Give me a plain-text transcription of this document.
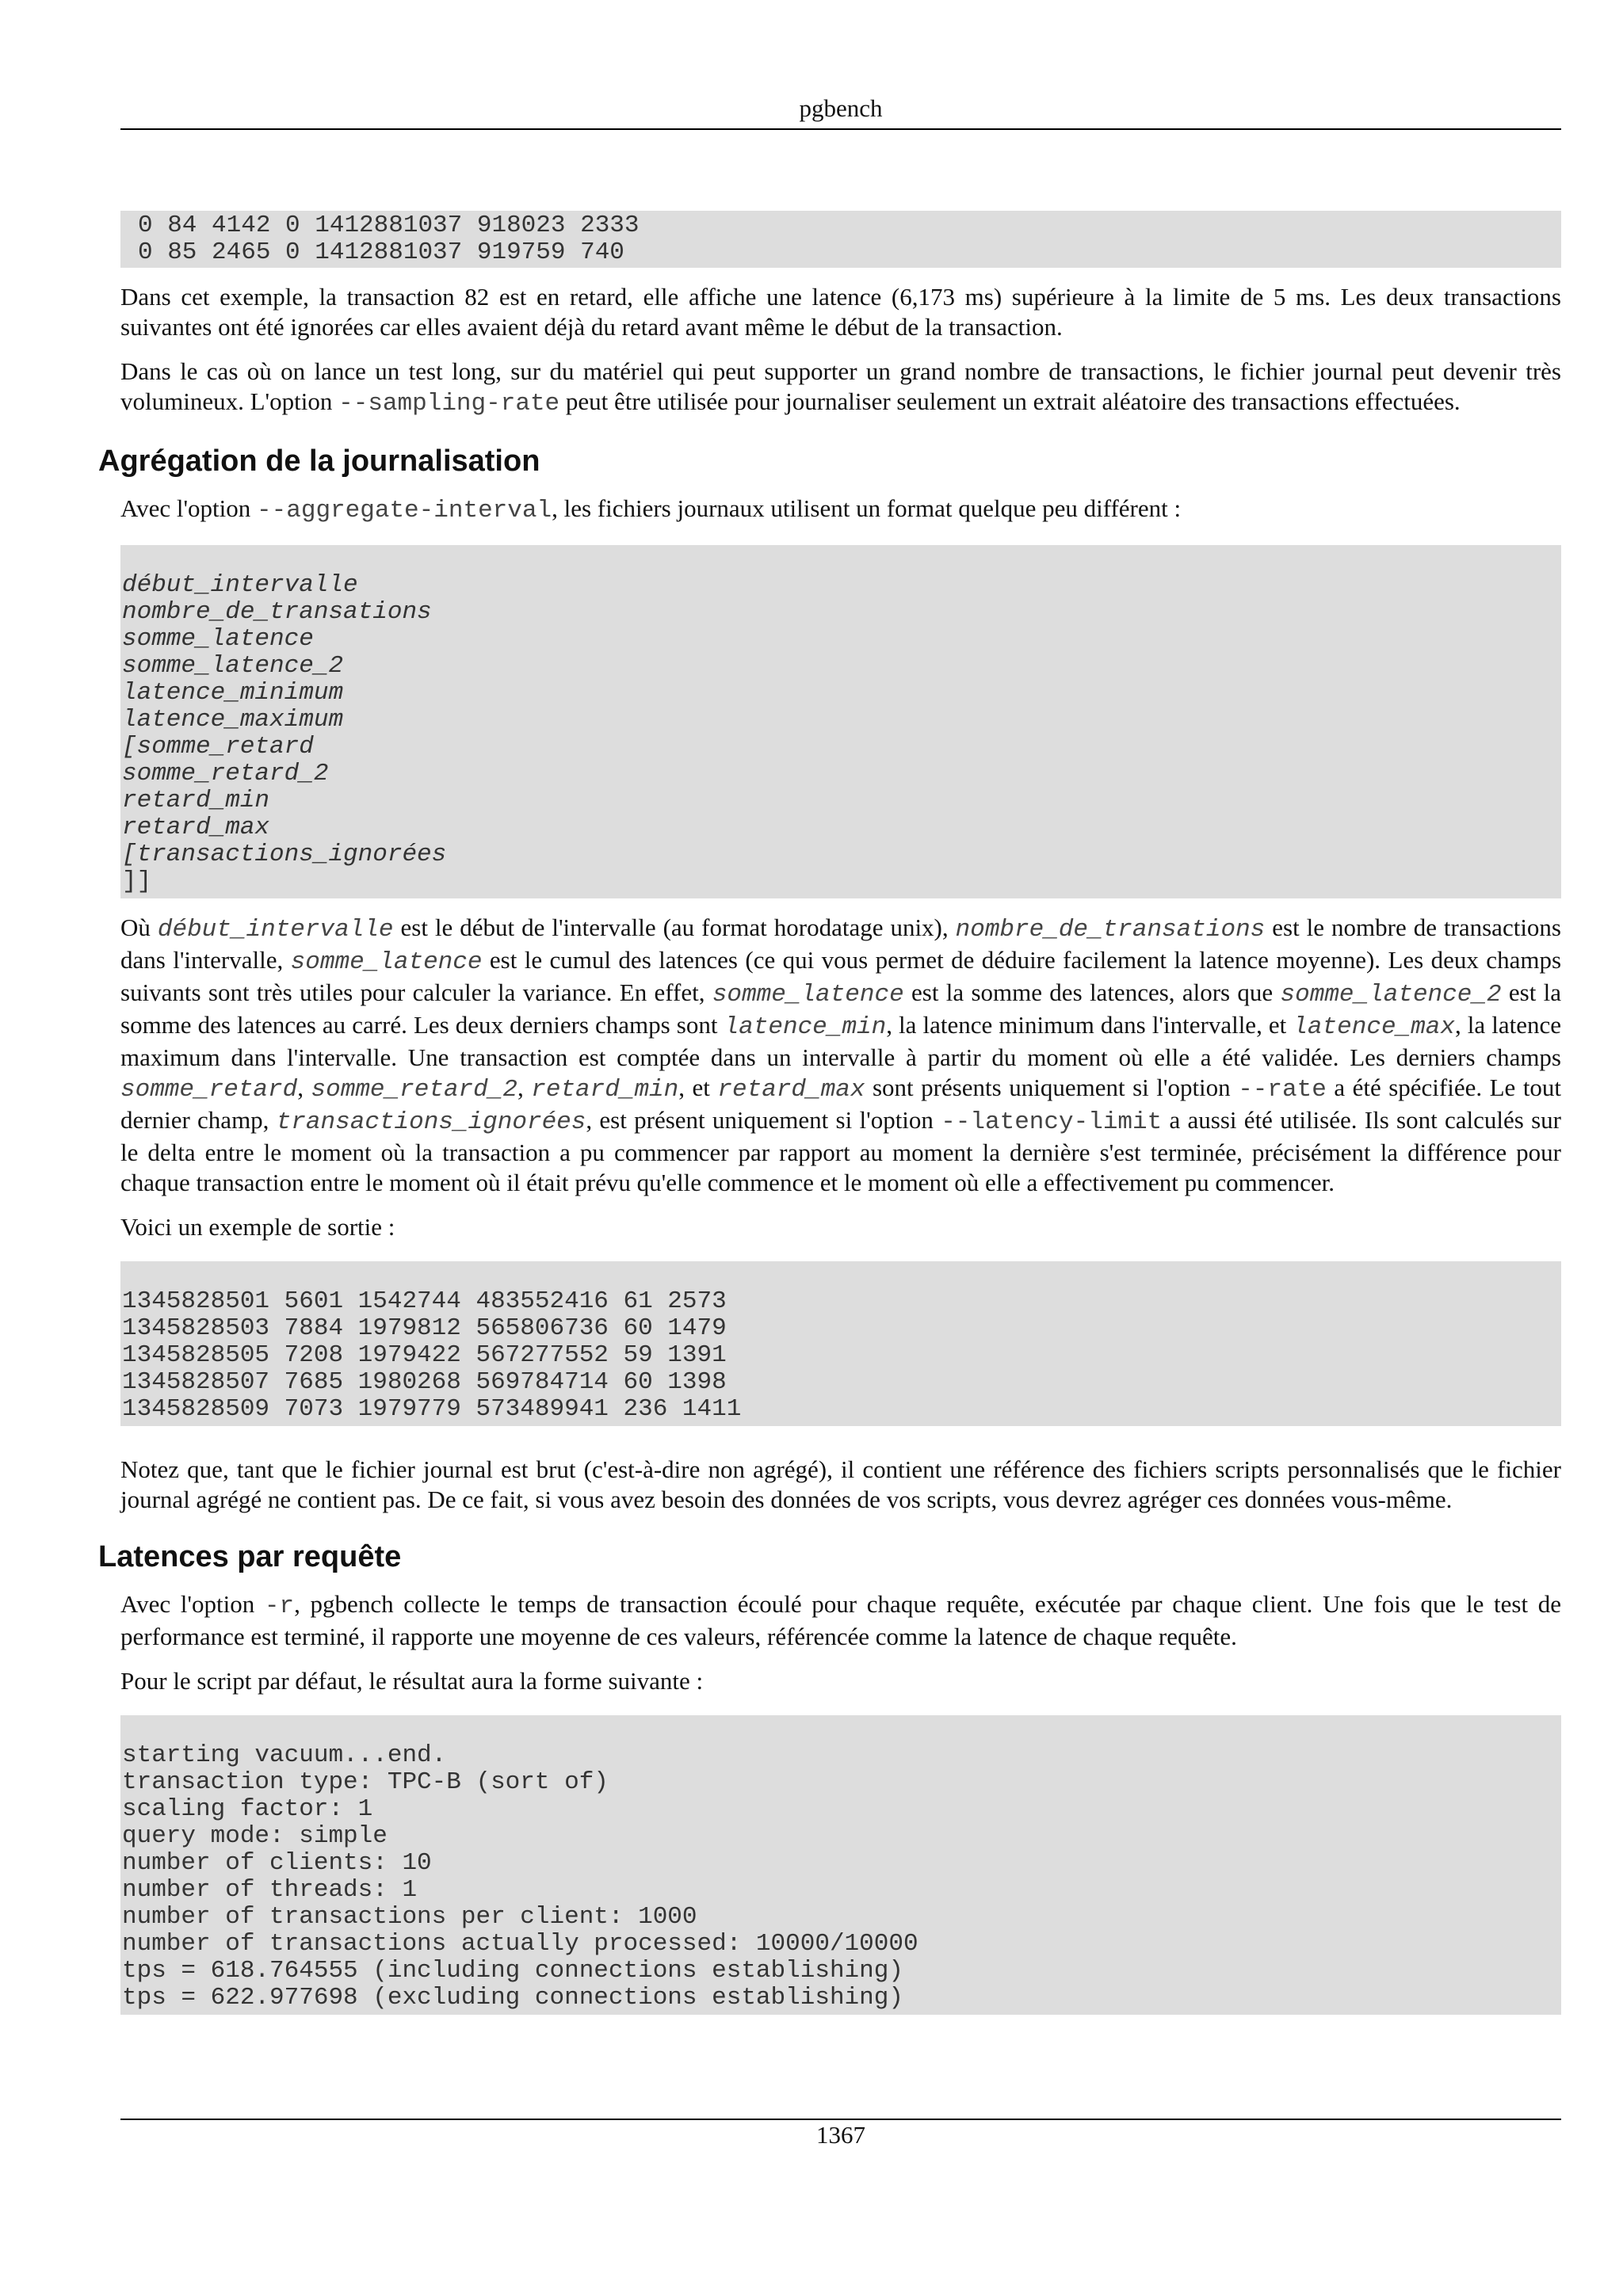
pgbench
0 84 4142 0 1412881037 918023 2333
0 85 2465 0 1412881037 919759 740

Dans cet exemple, la transaction 82 est en retard, elle affiche une latence (6,173 ms) supérieure à la limite de 5 ms. Les deux transactions suivantes ont été ignorées car elles avaient déjà du retard avant même le début de la transaction.

Dans le cas où on lance un test long, sur du matériel qui peut supporter un grand nombre de transactions, le fichier journal peut devenir très volumineux. L'option --sampling-rate peut être utilisée pour journaliser seulement un extrait aléatoire des transactions effectuées.

Agrégation de la journalisation

Avec l'option --aggregate-interval, les fichiers journaux utilisent un format quelque peu différent :

début_intervalle
nombre_de_transations
somme_latence
somme_latence_2
latence_minimum
latence_maximum
[somme_retard
somme_retard_2
retard_min
retard_max
[transactions_ignorées
]]

Où début_intervalle est le début de l'intervalle (au format horodatage unix), nombre_de_transations est le nombre de transactions dans l'intervalle, somme_latence est le cumul des latences (ce qui vous permet de déduire facilement la latence moyenne). Les deux champs suivants sont très utiles pour calculer la variance. En effet, somme_latence est la somme des latences, alors que somme_latence_2 est la somme des latences au carré. Les deux derniers champs sont latence_min, la latence minimum dans l'intervalle, et latence_max, la latence maximum dans l'intervalle. Une transaction est comptée dans un intervalle à partir du moment où elle a été validée. Les derniers champs somme_retard, somme_retard_2, retard_min, et retard_max sont présents uniquement si l'option --rate a été spécifiée. Le tout dernier champ, transactions_ignorées, est présent uniquement si l'option --latency-limit a aussi été utilisée. Ils sont calculés sur le delta entre le moment où la transaction a pu commencer par rapport au moment la dernière s'est terminée, précisément la différence pour chaque transaction entre le moment où il était prévu qu'elle commence et le moment où elle a effectivement pu commencer.

Voici un exemple de sortie :

1345828501 5601 1542744 483552416 61 2573
1345828503 7884 1979812 565806736 60 1479
1345828505 7208 1979422 567277552 59 1391
1345828507 7685 1980268 569784714 60 1398
1345828509 7073 1979779 573489941 236 1411

Notez que, tant que le fichier journal est brut (c'est-à-dire non agrégé), il contient une référence des fichiers scripts personnalisés que le fichier journal agrégé ne contient pas. De ce fait, si vous avez besoin des données de vos scripts, vous devrez agréger ces données vous-même.

Latences par requête

Avec l'option -r, pgbench collecte le temps de transaction écoulé pour chaque requête, exécutée par chaque client. Une fois que le test de performance est terminé, il rapporte une moyenne de ces valeurs, référencée comme la latence de chaque requête.

Pour le script par défaut, le résultat aura la forme suivante :

starting vacuum...end.
transaction type: TPC-B (sort of)
scaling factor: 1
query mode: simple
number of clients: 10
number of threads: 1
number of transactions per client: 1000
number of transactions actually processed: 10000/10000
tps = 618.764555 (including connections establishing)
tps = 622.977698 (excluding connections establishing)
1367
